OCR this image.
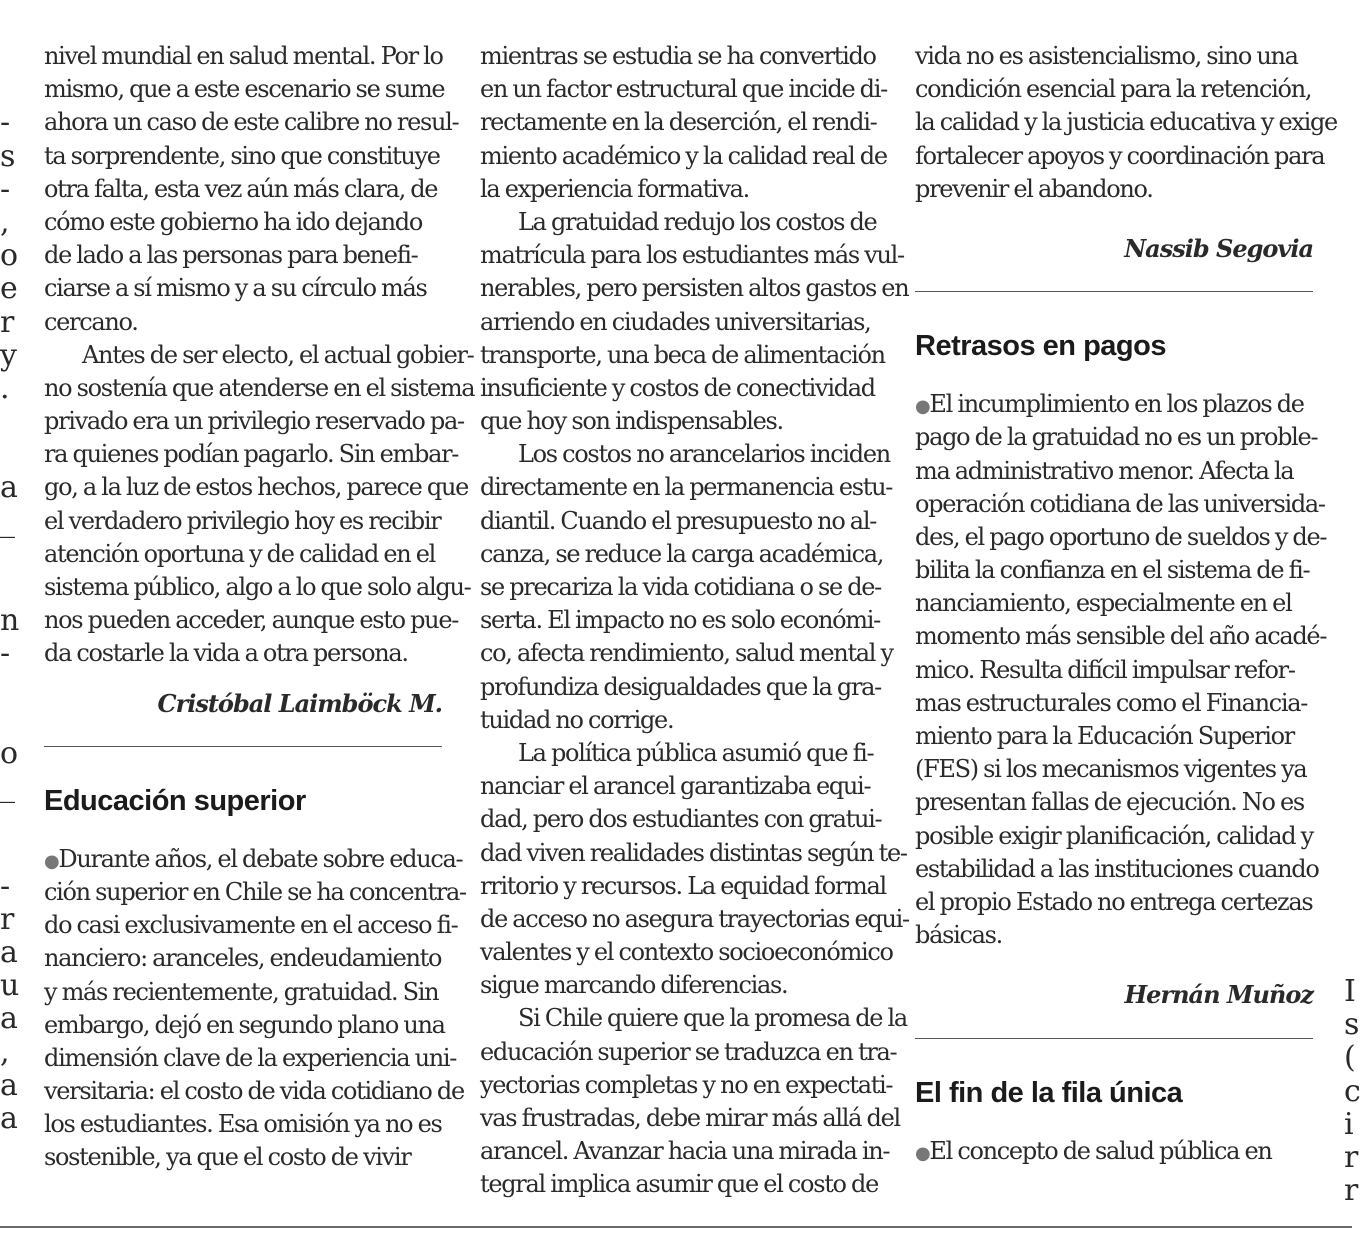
-
s
-
,
o
e
r
y
.
a
_
n
-
o
_
-
r
a
u
a
,
a
a
I
s
(
c
i
r
r
nivel mundial en salud mental. Por lo
mismo, que a este escenario se sume
ahora un caso de este calibre no resul-
ta sorprendente, sino que constituye
otra falta, esta vez aún más clara, de
cómo este gobierno ha ido dejando
de lado a las personas para benefi-
ciarse a sí mismo y a su círculo más
cercano.
Antes de ser electo, el actual gobier-
no sostenía que atenderse en el sistema
privado era un privilegio reservado pa-
ra quienes podían pagarlo. Sin embar-
go, a la luz de estos hechos, parece que
el verdadero privilegio hoy es recibir
atención oportuna y de calidad en el
sistema público, algo a lo que solo algu-
nos pueden acceder, aunque esto pue-
da costarle la vida a otra persona.
Cristóbal Laimböck M.
Educación superior
●Durante años, el debate sobre educa-
ción superior en Chile se ha concentra-
do casi exclusivamente en el acceso fi-
nanciero: aranceles, endeudamiento
y más recientemente, gratuidad. Sin
embargo, dejó en segundo plano una
dimensión clave de la experiencia uni-
versitaria: el costo de vida cotidiano de
los estudiantes. Esa omisión ya no es
sostenible, ya que el costo de vivir
mientras se estudia se ha convertido
en un factor estructural que incide di-
rectamente en la deserción, el rendi-
miento académico y la calidad real de
la experiencia formativa.
La gratuidad redujo los costos de
matrícula para los estudiantes más vul-
nerables, pero persisten altos gastos en
arriendo en ciudades universitarias,
transporte, una beca de alimentación
insuficiente y costos de conectividad
que hoy son indispensables.
Los costos no arancelarios inciden
directamente en la permanencia estu-
diantil. Cuando el presupuesto no al-
canza, se reduce la carga académica,
se precariza la vida cotidiana o se de-
serta. El impacto no es solo económi-
co, afecta rendimiento, salud mental y
profundiza desigualdades que la gra-
tuidad no corrige.
La política pública asumió que fi-
nanciar el arancel garantizaba equi-
dad, pero dos estudiantes con gratui-
dad viven realidades distintas según te-
rritorio y recursos. La equidad formal
de acceso no asegura trayectorias equi-
valentes y el contexto socioeconómico
sigue marcando diferencias.
Si Chile quiere que la promesa de la
educación superior se traduzca en tra-
yectorias completas y no en expectati-
vas frustradas, debe mirar más allá del
arancel. Avanzar hacia una mirada in-
tegral implica asumir que el costo de
vida no es asistencialismo, sino una
condición esencial para la retención,
la calidad y la justicia educativa y exige
fortalecer apoyos y coordinación para
prevenir el abandono.
Nassib Segovia
Retrasos en pagos
●El incumplimiento en los plazos de
pago de la gratuidad no es un proble-
ma administrativo menor. Afecta la
operación cotidiana de las universida-
des, el pago oportuno de sueldos y de-
bilita la confianza en el sistema de fi-
nanciamiento, especialmente en el
momento más sensible del año acadé-
mico. Resulta difícil impulsar refor-
mas estructurales como el Financia-
miento para la Educación Superior
(FES) si los mecanismos vigentes ya
presentan fallas de ejecución. No es
posible exigir planificación, calidad y
estabilidad a las instituciones cuando
el propio Estado no entrega certezas
básicas.
Hernán Muñoz
El fin de la fila única
●El concepto de salud pública en
